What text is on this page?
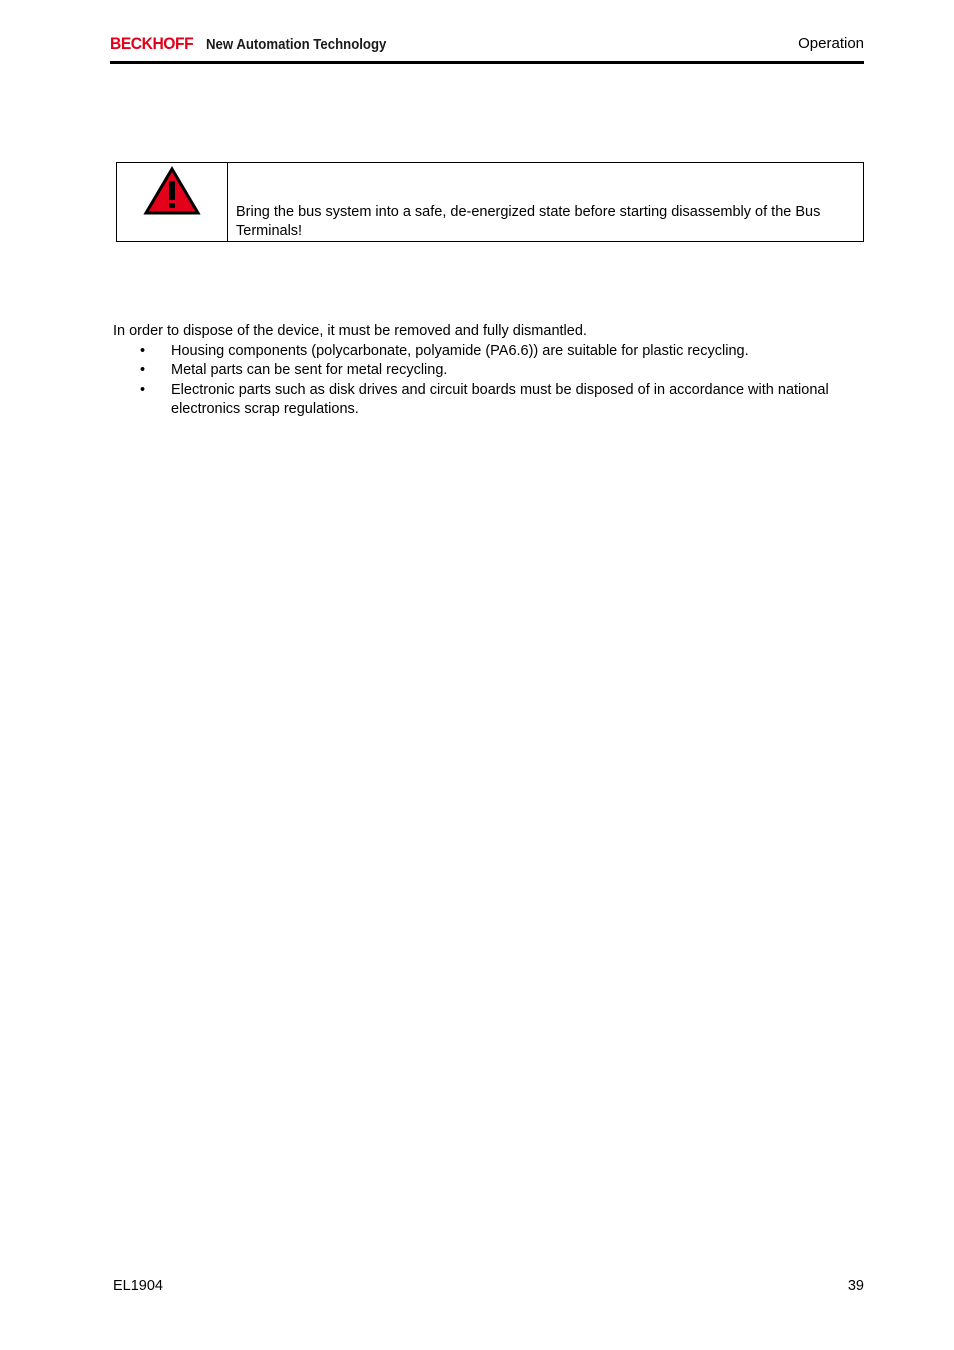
BECKHOFF New Automation Technology	Operation
Bring the bus system into a safe, de-energized state before starting disassembly of the Bus Terminals!

In order to dispose of the device, it must be removed and fully dismantled.

• Housing components (polycarbonate, polyamide (PA6.6)) are suitable for plastic recycling.
• Metal parts can be sent for metal recycling.
• Electronic parts such as disk drives and circuit boards must be disposed of in accordance with national electronics scrap regulations.
EL1904	39
